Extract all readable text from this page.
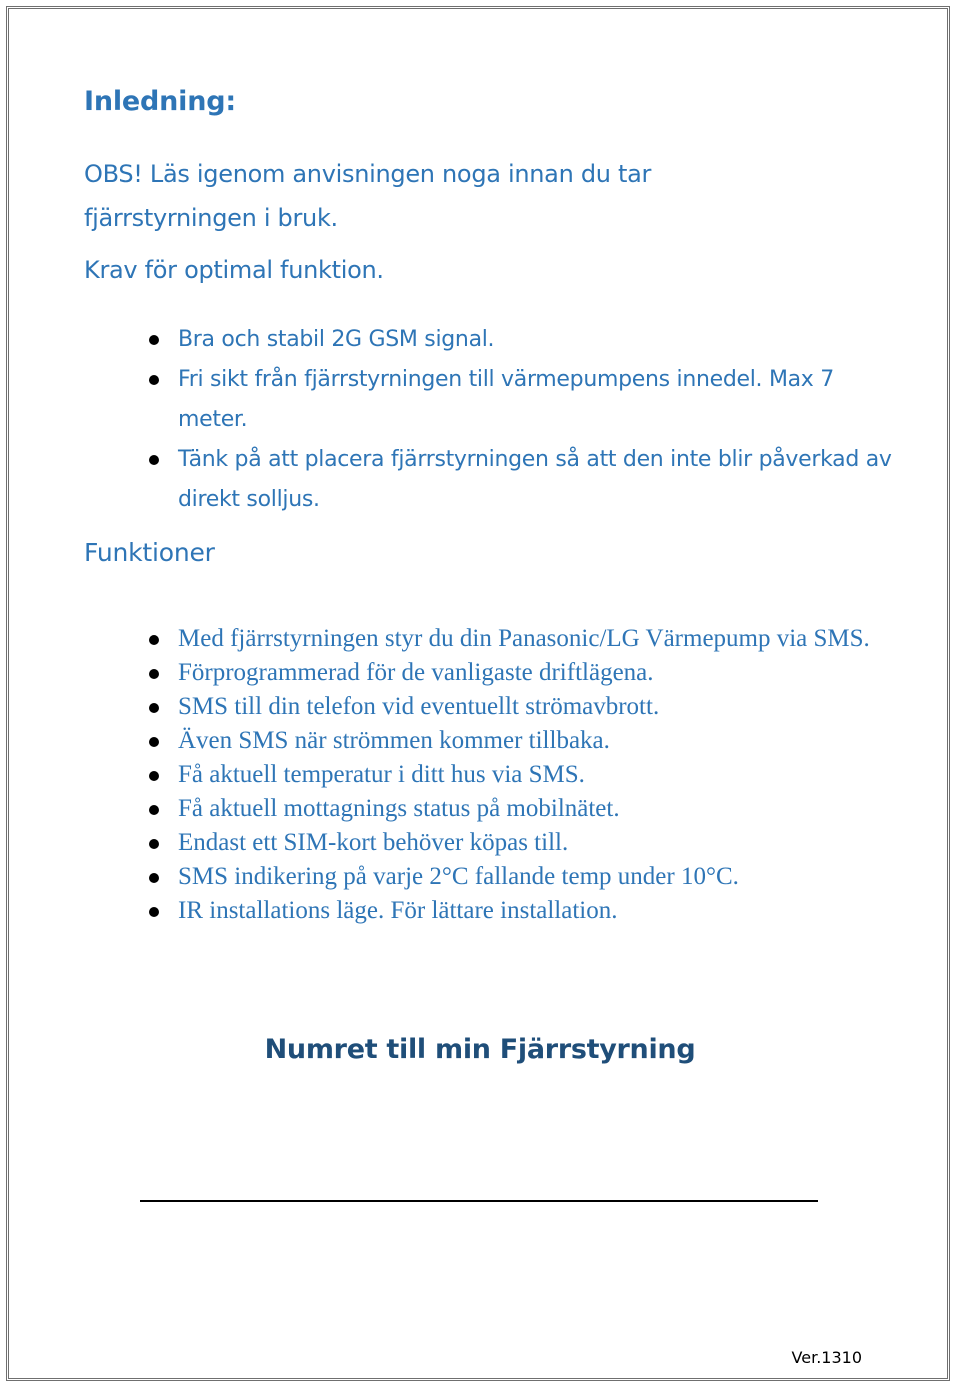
Inledning:

OBS! Läs igenom anvisningen noga innan du tar fjärrstyrningen i bruk.

Krav för optimal funktion.

Bra och stabil 2G GSM signal.
Fri sikt från fjärrstyrningen till värmepumpens innedel. Max 7 meter.
Tänk på att placera fjärrstyrningen så att den inte blir påverkad av direkt solljus.

Funktioner

Med fjärrstyrningen styr du din Panasonic/LG Värmepump via SMS.
Förprogrammerad för de vanligaste driftlägena.
SMS till din telefon vid eventuellt strömavbrott.
Även SMS när strömmen kommer tillbaka.
Få aktuell temperatur i ditt hus via SMS.
Få aktuell mottagnings status på mobilnätet.
Endast ett SIM-kort behöver köpas till.
SMS indikering på varje 2°C fallande temp under 10°C.
IR installations läge. För lättare installation.

Numret till min Fjärrstyrning

Ver.1310
